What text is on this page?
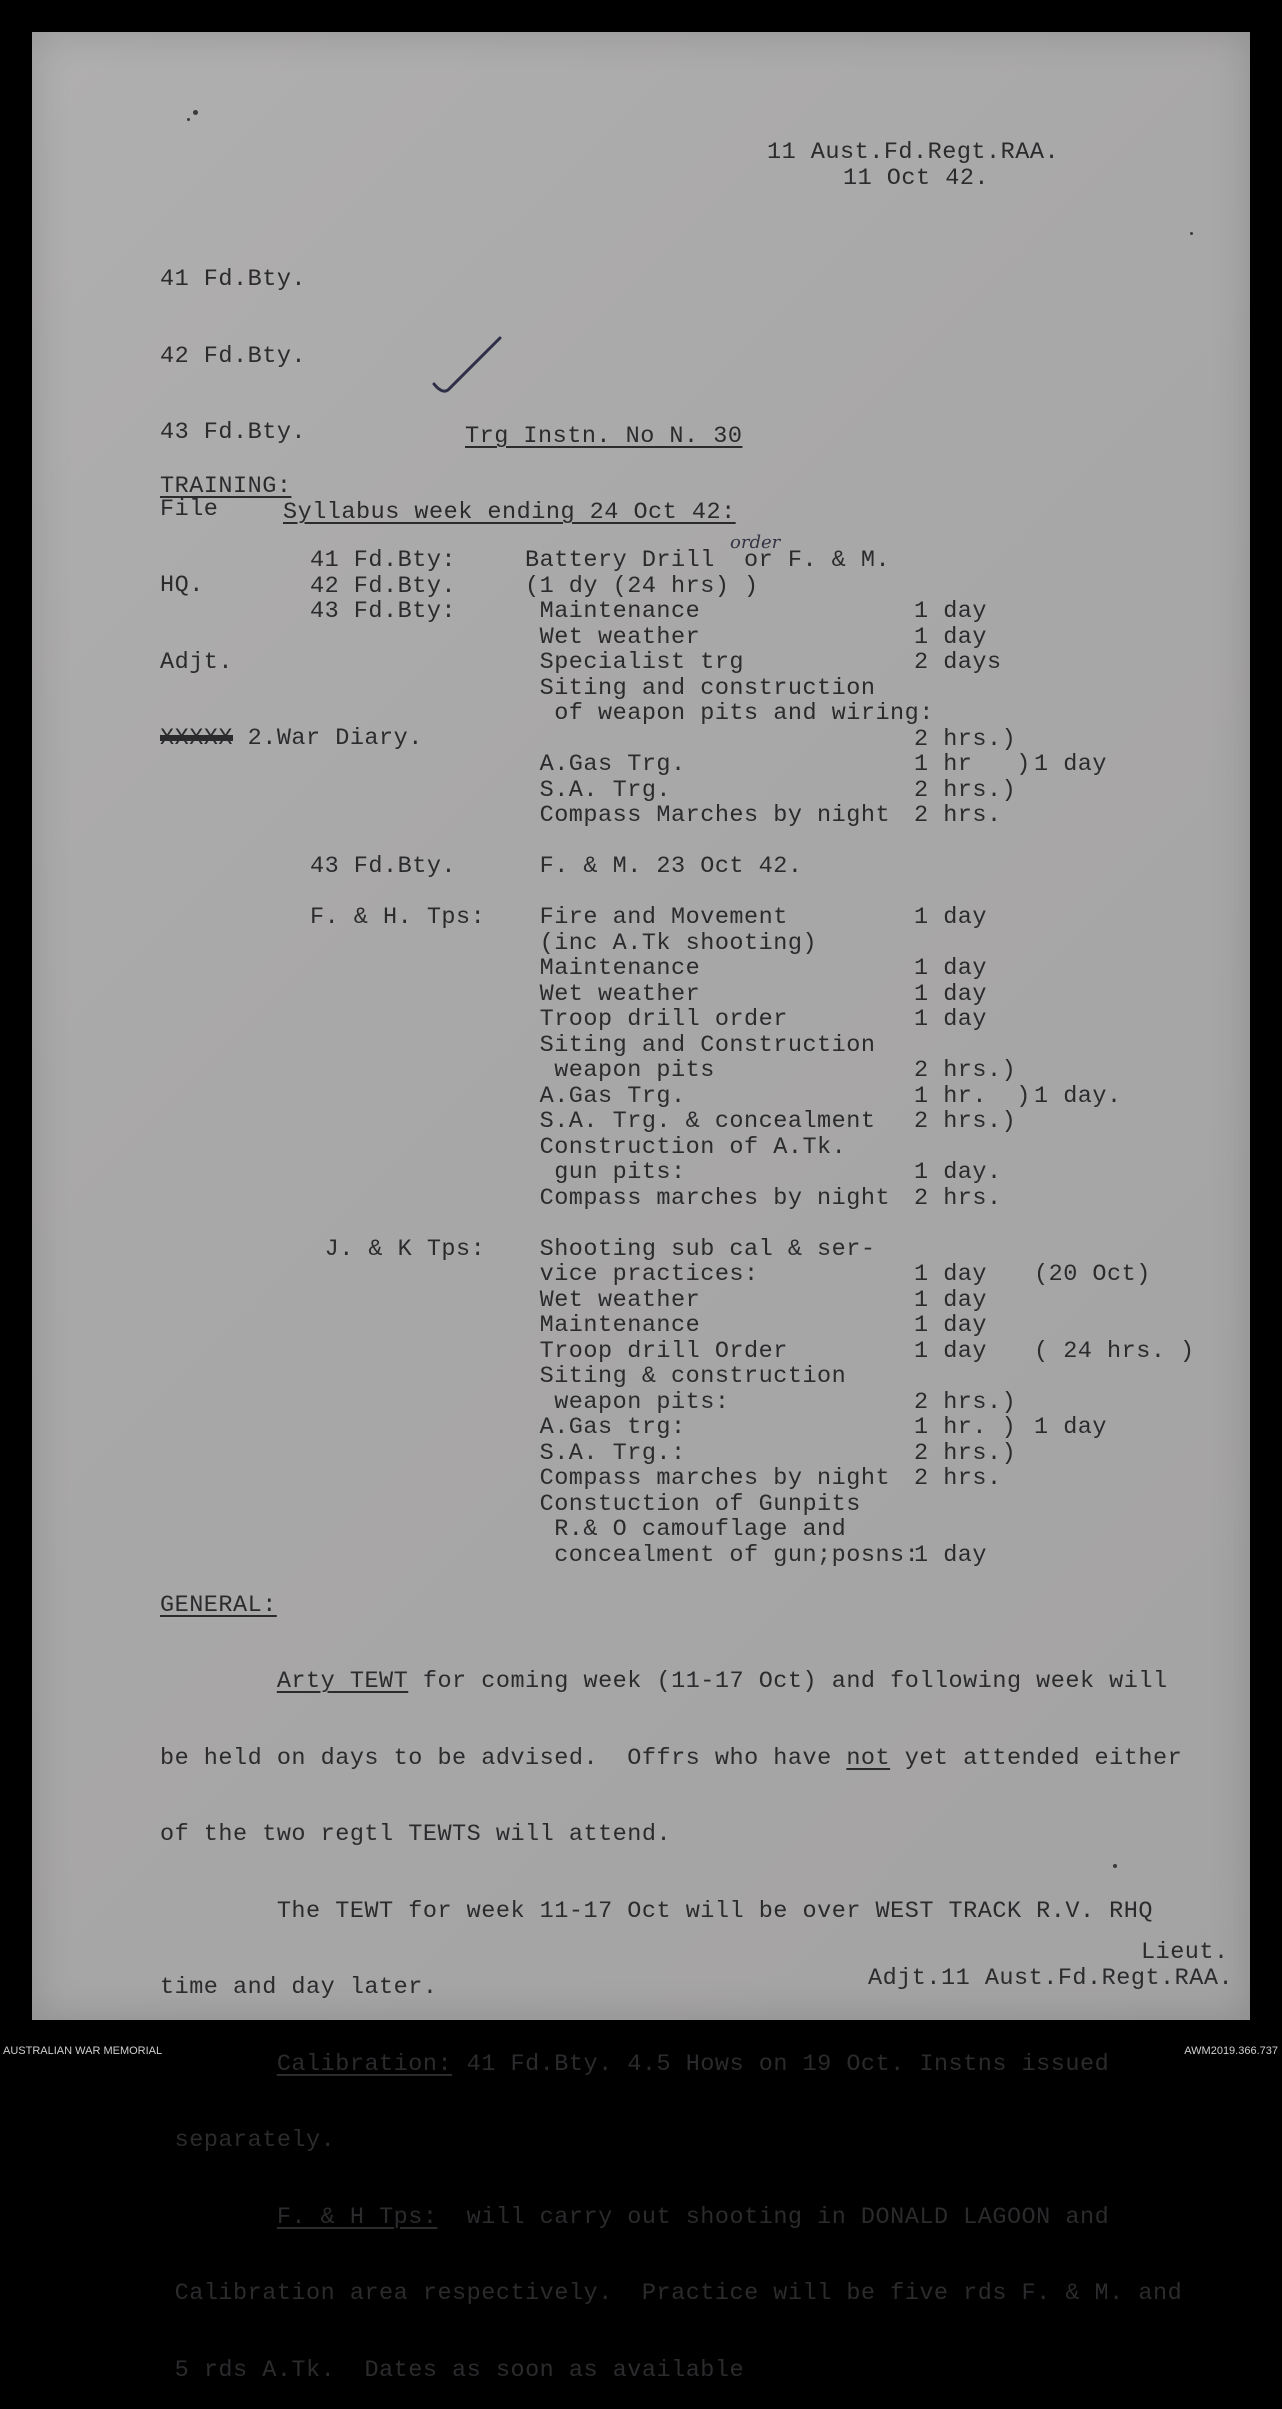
11 Aust.Fd.Regt.RAA.
11 Oct 42.

41 Fd.Bty.

42 Fd.Bty.

43 Fd.Bty.

File

HQ.

Adjt.

XXXXX 2.War Diary.

Trg Instn. No N. 30
TRAINING:
Syllabus week ending 24 Oct 42:
order
41 Fd.Bty:	Battery Drill  or F. & M.
42 Fd.Bty.	(1 dy (24 hrs) )
43 Fd.Bty:	Maintenance	1 day
Wet weather	1 day
Specialist trg	2 days
Siting and construction
of weapon pits and wiring:
2 hrs.)
A.Gas Trg.	1 hr   ) 1 day
S.A. Trg.	2 hrs.)
Compass Marches by night 2 hrs.
43 Fd.Bty.	F. & M. 23 Oct 42.
F. & H. Tps: Fire and Movement	1 day
(inc A.Tk shooting)
Maintenance	1 day
Wet weather	1 day
Troop drill order	1 day
Siting and Construction
weapon pits	2 hrs.)
A.Gas Trg.	1 hr.  ) 1 day.
S.A. Trg. & concealment 2 hrs.)
Construction of A.Tk.
gun pits:	1 day.
Compass marches by night 2 hrs.
J. & K Tps: Shooting sub cal & ser-
vice practices:	1 day (20 Oct)
Wet weather	1 day
Maintenance	1 day
Troop drill Order	1 day ( 24 hrs. )
Siting & construction
weapon pits:	2 hrs.)
A.Gas trg:	1 hr. ) 1 day
S.A. Trg.:	2 hrs.)
Compass marches by night 2 hrs.
Constuction of Gunpits
R.& O camouflage and
concealment of gun;posns:
1 day
GENERAL:

Arty TEWT for coming week (11-17 Oct) and following week will

be held on days to be advised.  Offrs who have not yet attended either

of the two regtl TEWTS will attend.

The TEWT for week 11-17 Oct will be over WEST TRACK R.V. RHQ

time and day later.

Calibration: 41 Fd.Bty. 4.5 Hows on 19 Oct. Instns issued

separately.

F. & H Tps:  will carry out shooting in DONALD LAGOON and

Calibration area respectively.  Practice will be five rds F. & M. and

5 rds A.Tk.  Dates as soon as available

Lieut.
Adjt.11 Aust.Fd.Regt.RAA.
AUSTRALIAN WAR MEMORIAL	AWM2019.366.737
